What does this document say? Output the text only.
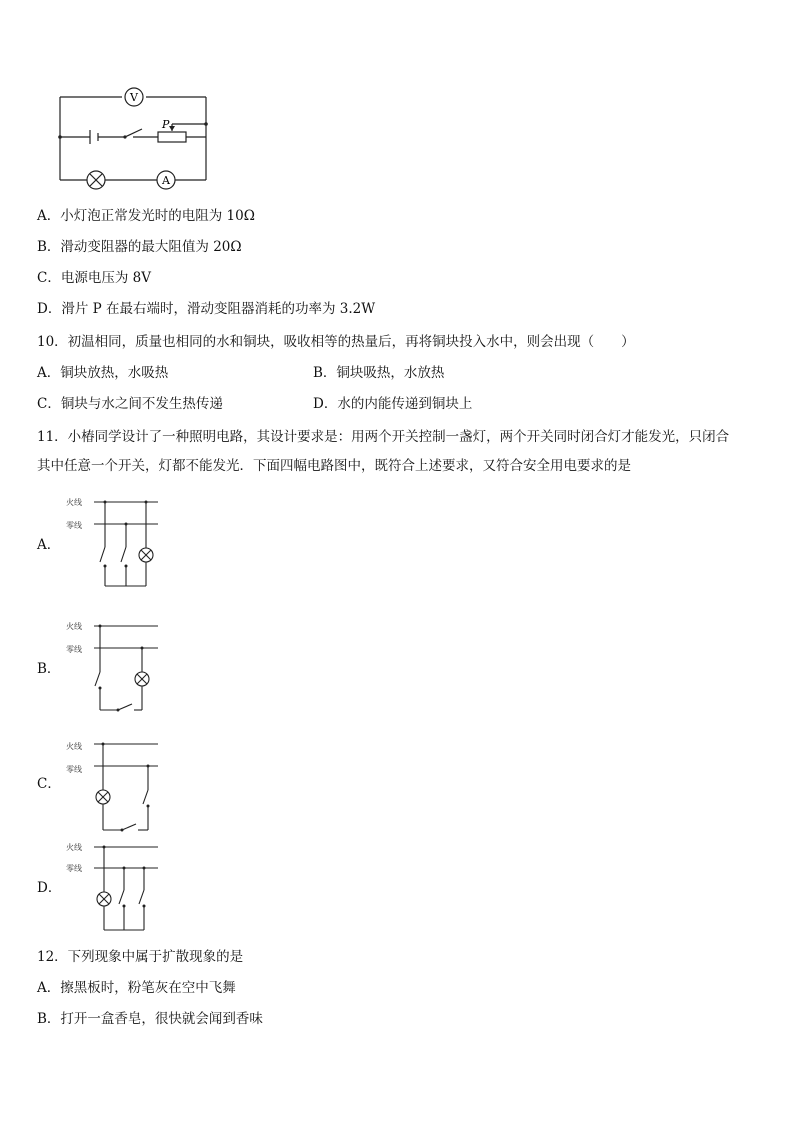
V
A
P
A．小灯泡正常发光时的电阻为 10Ω
B．滑动变阻器的最大阻值为 20Ω
C．电源电压为 8V
D．滑片 P 在最右端时，滑动变阻器消耗的功率为 3.2W
10．初温相同，质量也相同的水和铜块，吸收相等的热量后，再将铜块投入水中，则会出现（　　）
A．铜块放热，水吸热	B．铜块吸热，水放热
C．铜块与水之间不发生热传递	D．水的内能传递到铜块上
11．小椿同学设计了一种照明电路，其设计要求是：用两个开关控制一盏灯，两个开关同时闭合灯才能发光，只闭合
其中任意一个开关，灯都不能发光．下面四幅电路图中，既符合上述要求，又符合安全用电要求的是
A．
火线
零线
B．
火线
零线
C．
火线
零线
D．
火线
零线
12．下列现象中属于扩散现象的是
A．擦黑板时，粉笔灰在空中飞舞
B．打开一盒香皂，很快就会闻到香味
